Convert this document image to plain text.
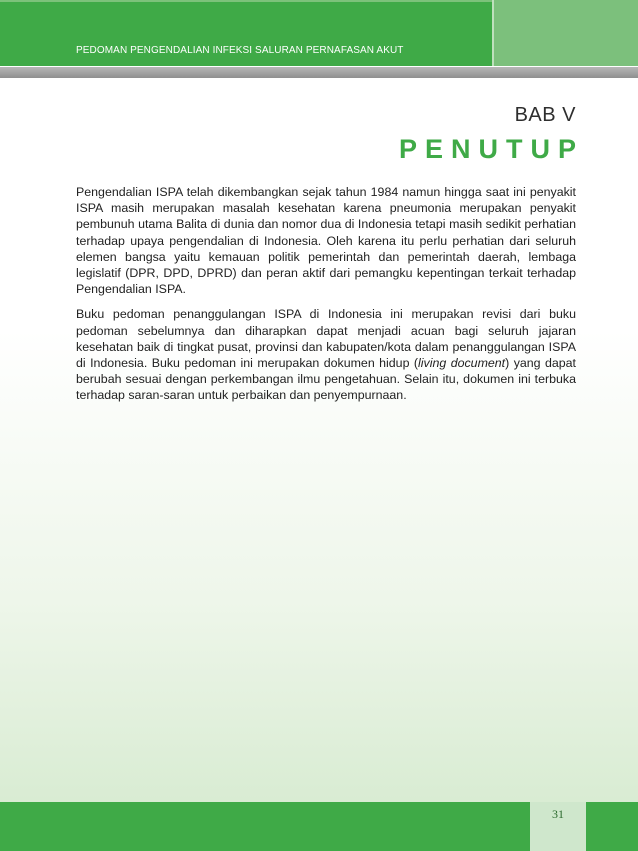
PEDOMAN PENGENDALIAN INFEKSI SALURAN PERNAFASAN AKUT
BAB V
PENUTUP

Pengendalian ISPA telah dikembangkan sejak tahun 1984 namun hingga saat ini penyakit ISPA masih merupakan masalah kesehatan karena pneumonia merupakan penyakit pembunuh utama Balita di dunia dan nomor dua di Indonesia tetapi masih sedikit perhatian terhadap upaya pengendalian di Indonesia. Oleh karena itu perlu perhatian dari seluruh elemen bangsa yaitu kemauan politik pemerintah dan pemerintah daerah, lembaga legislatif (DPR, DPD, DPRD) dan peran aktif dari pemangku kepentingan terkait terhadap Pengendalian ISPA.

Buku pedoman penanggulangan ISPA di Indonesia ini merupakan revisi dari buku pedoman sebelumnya dan diharapkan dapat menjadi acuan bagi seluruh jajaran kesehatan baik di tingkat pusat, provinsi dan kabupaten/kota dalam penanggulangan ISPA di Indonesia. Buku pedoman ini merupakan dokumen hidup (living document) yang dapat berubah sesuai dengan perkembangan ilmu pengetahuan. Selain itu, dokumen ini terbuka terhadap saran-saran untuk perbaikan dan penyempurnaan.

31
